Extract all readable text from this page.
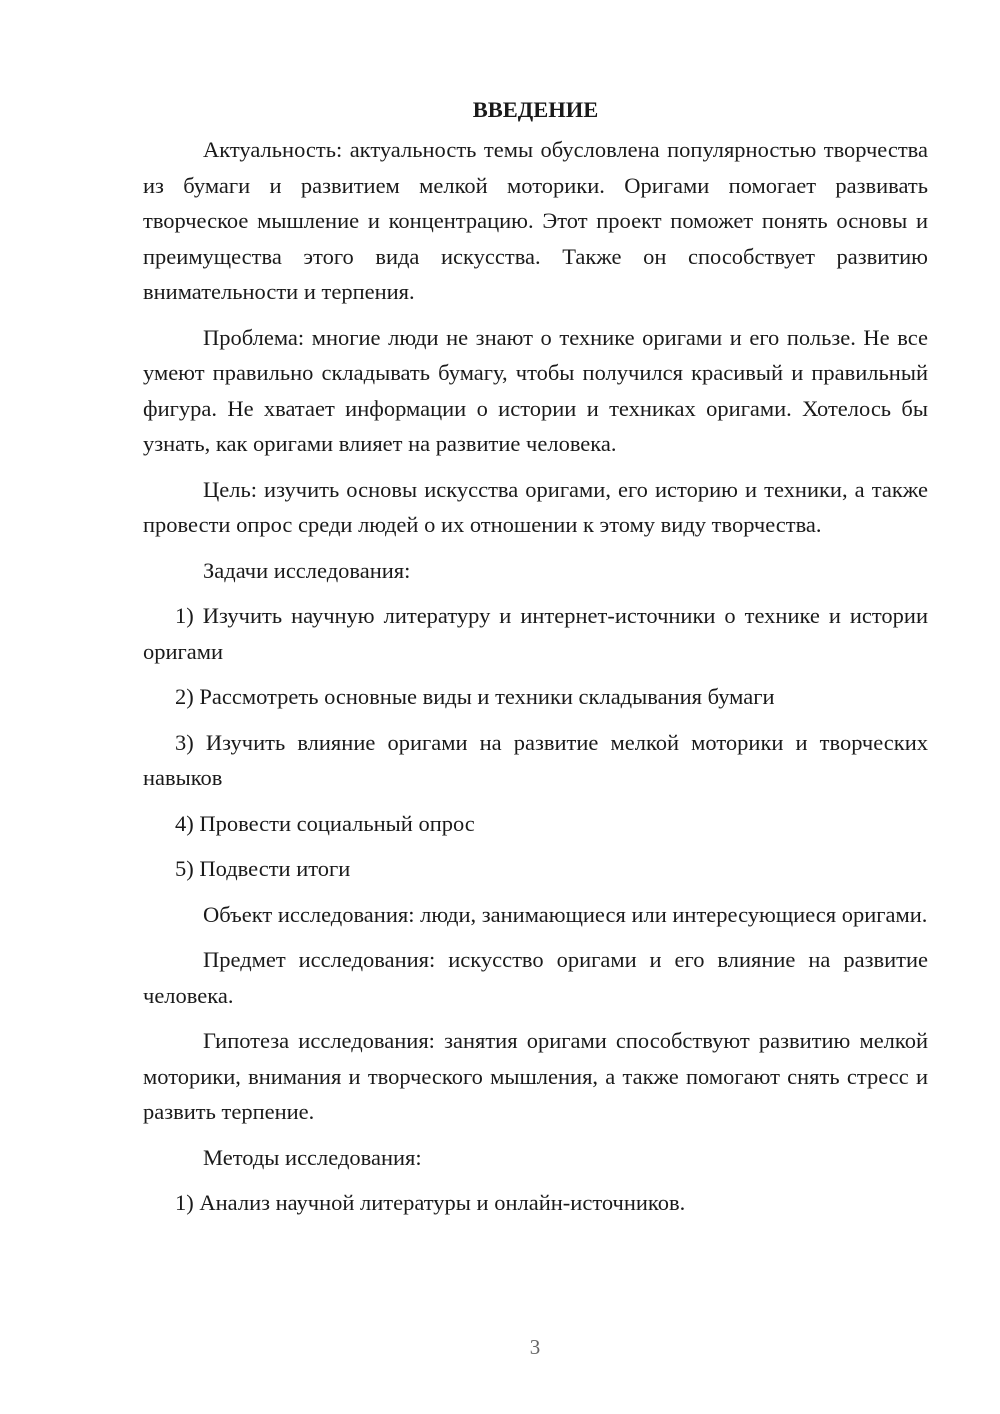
ВВЕДЕНИЕ

Актуальность: актуальность темы обусловлена популярностью творчества из бумаги и развитием мелкой моторики. Оригами помогает развивать творческое мышление и концентрацию. Этот проект поможет понять основы и преимущества этого вида искусства. Также он способствует развитию внимательности и терпения.

Проблема: многие люди не знают о технике оригами и его пользе. Не все умеют правильно складывать бумагу, чтобы получился красивый и правильный фигура. Не хватает информации о истории и техниках оригами. Хотелось бы узнать, как оригами влияет на развитие человека.

Цель: изучить основы искусства оригами, его историю и техники, а также провести опрос среди людей о их отношении к этому виду творчества.

Задачи исследования:

1) Изучить научную литературу и интернет-источники о технике и истории оригами

2) Рассмотреть основные виды и техники складывания бумаги

3) Изучить влияние оригами на развитие мелкой моторики и творческих навыков

4) Провести социальный опрос

5) Подвести итоги

Объект исследования: люди, занимающиеся или интересующиеся оригами.

Предмет исследования: искусство оригами и его влияние на развитие человека.

Гипотеза исследования: занятия оригами способствуют развитию мелкой моторики, внимания и творческого мышления, а также помогают снять стресс и развить терпение.

Методы исследования:

1) Анализ научной литературы и онлайн-источников.

3
